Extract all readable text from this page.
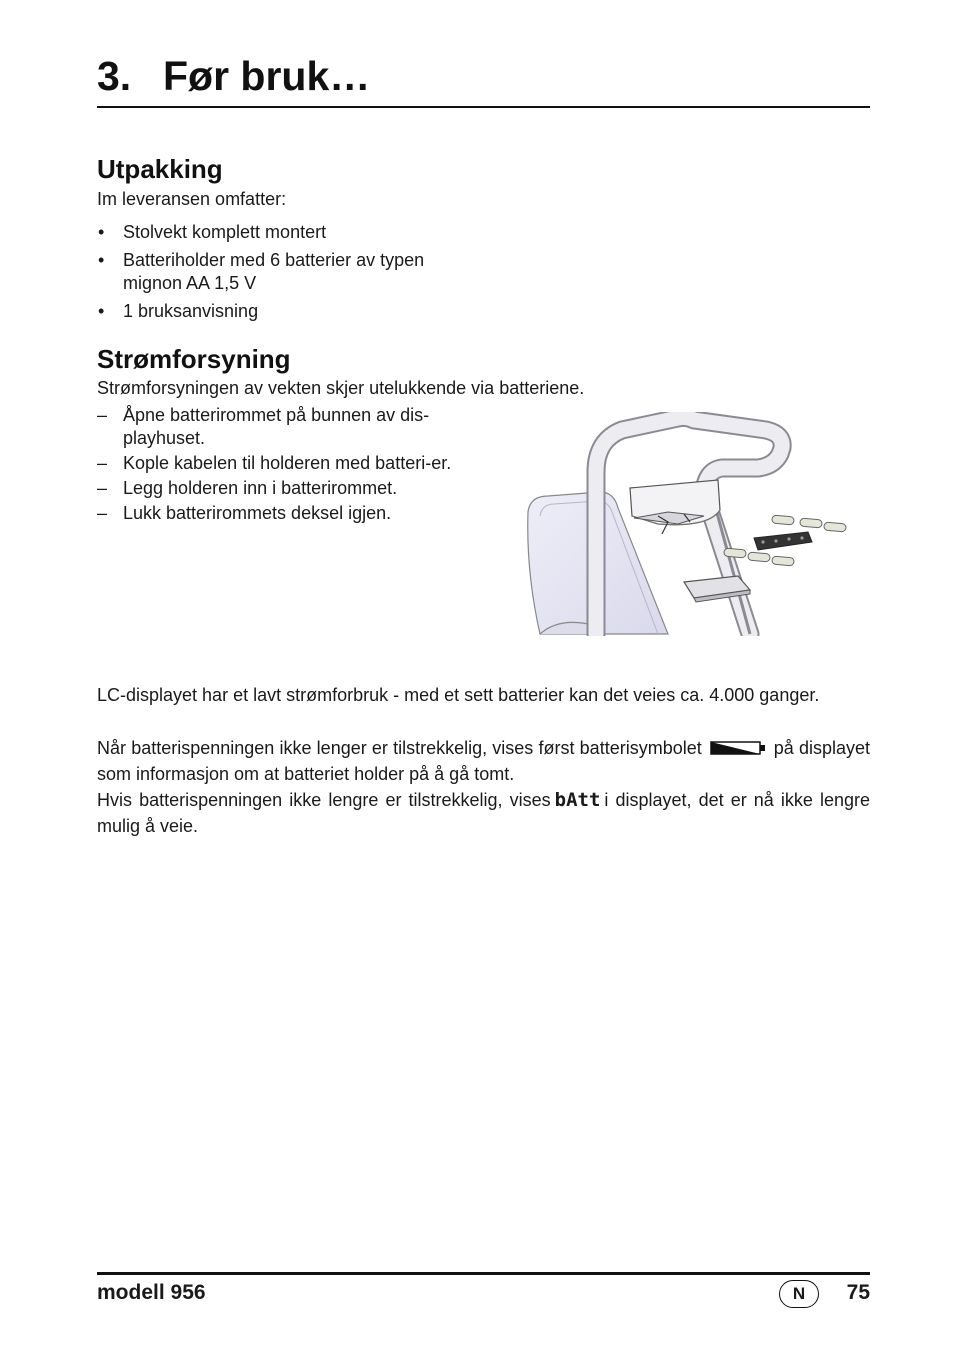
3. Før bruk…
Utpakking

Im leveransen omfatter:

• Stolvekt komplett montert
• Batteriholder med 6 batterier av typen mignon AA 1,5 V
• 1 bruksanvisning
Strømforsyning

Strømforsyningen av vekten skjer utelukkende via batteriene.

– Åpne batterirommet på bunnen av dis-playhuset.
– Kople kabelen til holderen med batteri-er.
– Legg holderen inn i batterirommet.
– Lukk batterirommets deksel igjen.

LC-displayet har et lavt strømforbruk - med et sett batterier kan det veies ca. 4.000 ganger.

Når batterispenningen ikke lenger er tilstrekkelig, vises først batterisymbolet	på displayet som informasjon om at batteriet holder på å gå tomt.

Hvis batterispenningen ikke lengre er tilstrekkelig, vises bAtt i displayet, det er nå ikke lengre mulig å veie.

modell 956	N	75
